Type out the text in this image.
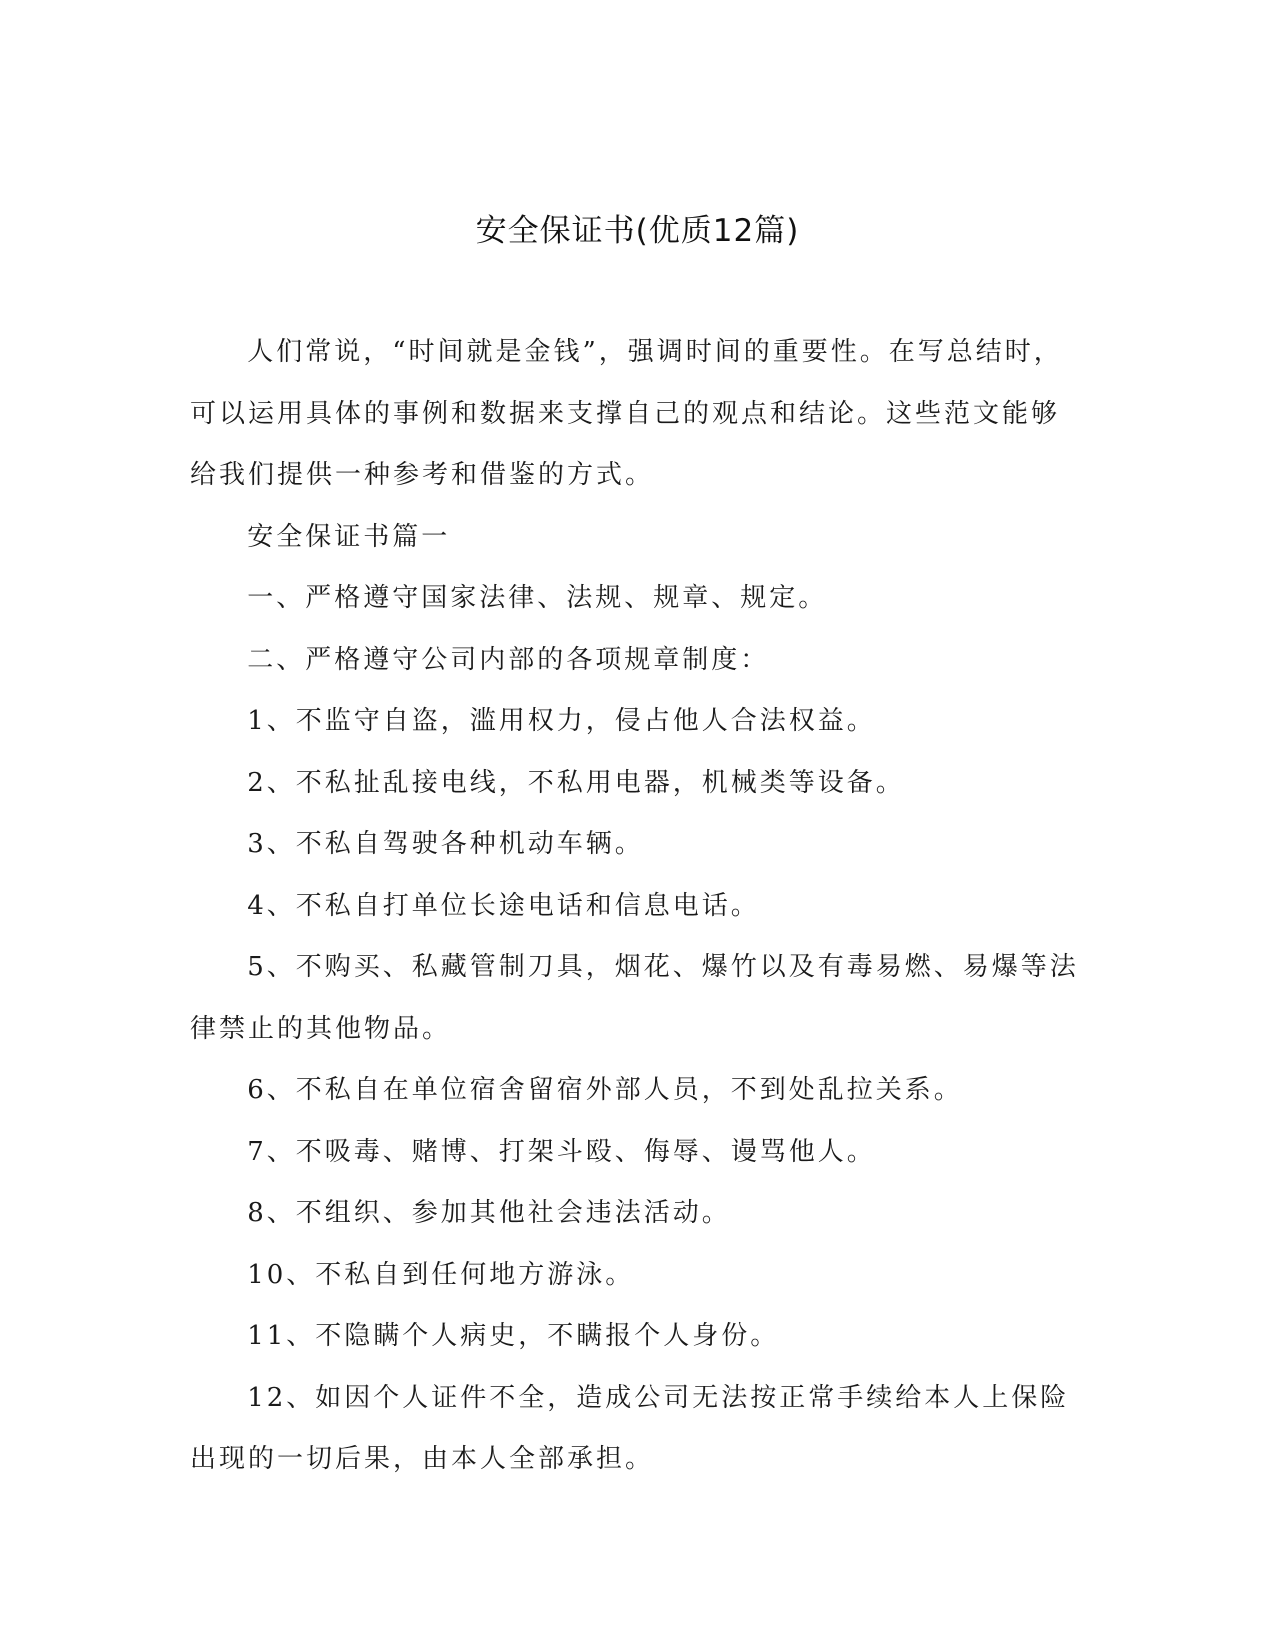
安全保证书(优质12篇)

人们常说，“时间就是金钱”，强调时间的重要性。在写总结时，可以运用具体的事例和数据来支撑自己的观点和结论。这些范文能够给我们提供一种参考和借鉴的方式。

安全保证书篇一

一、严格遵守国家法律、法规、规章、规定。

二、严格遵守公司内部的各项规章制度：

1、不监守自盗，滥用权力，侵占他人合法权益。

2、不私扯乱接电线，不私用电器，机械类等设备。

3、不私自驾驶各种机动车辆。

4、不私自打单位长途电话和信息电话。

5、不购买、私藏管制刀具，烟花、爆竹以及有毒易燃、易爆等法律禁止的其他物品。

6、不私自在单位宿舍留宿外部人员，不到处乱拉关系。

7、不吸毒、赌博、打架斗殴、侮辱、谩骂他人。

8、不组织、参加其他社会违法活动。

10、不私自到任何地方游泳。

11、不隐瞒个人病史，不瞒报个人身份。

12、如因个人证件不全，造成公司无法按正常手续给本人上保险出现的一切后果，由本人全部承担。
